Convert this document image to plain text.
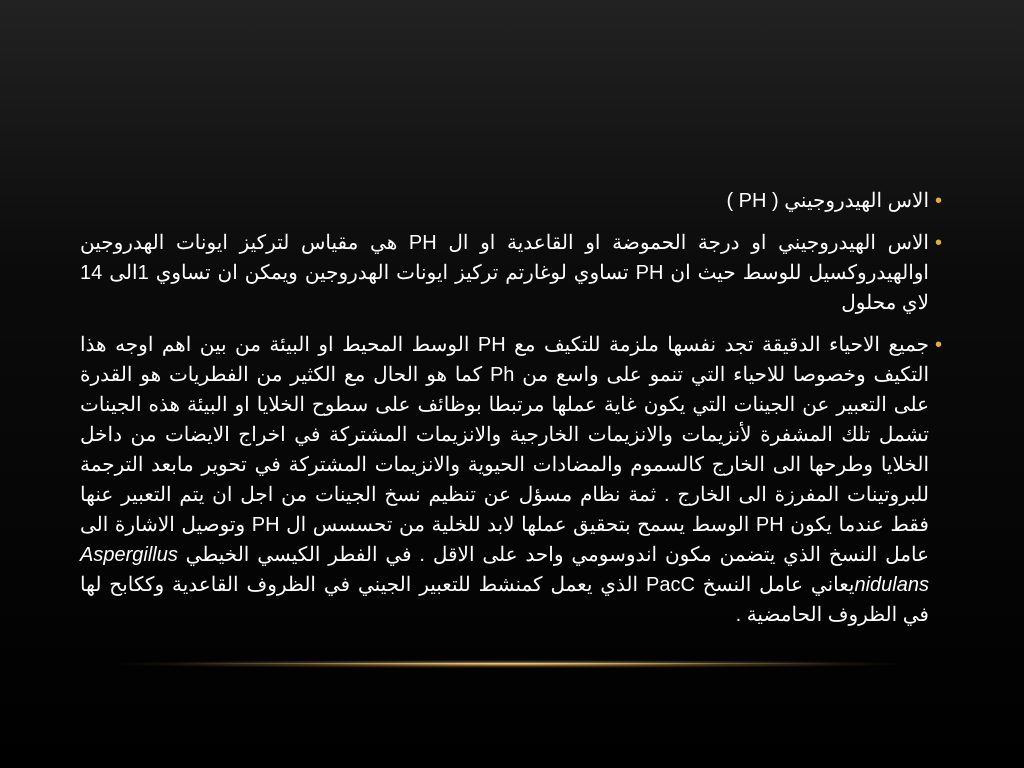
•
الاس الهيدروجيني ( PH )
•
الاس الهيدروجيني او درجة الحموضة او القاعدية او ال PH هي مقياس لتركيز ايونات الهدروجين اوالهيدروكسيل للوسط حيث ان PH تساوي لوغارتم تركيز ايونات الهدروجين ويمكن ان تساوي 1الى 14 لاي محلول
•
جميع الاحياء الدقيقة تجد نفسها ملزمة للتكيف مع PH الوسط المحيط او البيئة من بين اهم اوجه هذا التكيف وخصوصا للاحياء التي تنمو على واسع من Ph كما هو الحال مع الكثير من الفطريات هو القدرة على التعبير عن الجينات التي يكون غاية عملها مرتبطا بوظائف على سطوح الخلايا او البيئة هذه الجينات تشمل تلك المشفرة لأنزيمات والانزيمات الخارجية والانزيمات المشتركة في اخراج الايضات من داخل الخلايا وطرحها الى الخارج كالسموم والمضادات الحيوية والانزيمات المشتركة في تحوير مابعد الترجمة للبروتينات المفرزة الى الخارج . ثمة نظام مسؤل عن تنظيم نسخ الجينات من اجل ان يتم التعبير عنها فقط عندما يكون PH الوسط يسمح بتحقيق عملها لابد للخلية من تحسسس ال PH وتوصيل الاشارة الى عامل النسخ الذي يتضمن مكون اندوسومي واحد على الاقل . في الفطر الكيسي الخيطي Aspergillus nidulansيعاني عامل النسخ PacC الذي يعمل كمنشط للتعبير الجيني في الظروف القاعدية وككابح لها في الظروف الحامضية .
